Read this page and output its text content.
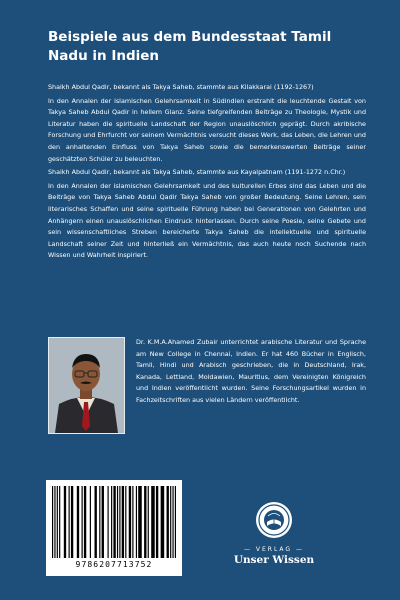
Beispiele aus dem Bundesstaat Tamil Nadu in Indien

Shaikh Abdul Qadir, bekannt als Takya Saheb, stammte aus Kilakkarai (1192-1267)

In den Annalen der islamischen Gelehrsamkeit in Südindien erstrahlt die leuchtende Gestalt von Takya Saheb Abdul Qadir in hellem Glanz. Seine tiefgreifenden Beiträge zu Theologie, Mystik und Literatur haben die spirituelle Landschaft der Region unauslöschlich geprägt. Durch akribische Forschung und Ehrfurcht vor seinem Vermächtnis versucht dieses Werk, das Leben, die Lehren und den anhaltenden Einfluss von Takya Saheb sowie die bemerkenswerten Beiträge seiner geschätzten Schüler zu beleuchten.

Shaikh Abdul Qadir, bekannt als Takya Saheb, stammte aus Kayalpatnam (1191-1272 n.Chr.)

In den Annalen der islamischen Gelehrsamkeit und des kulturellen Erbes sind das Leben und die Beiträge von Takya Saheb Abdul Qadir Takya Saheb von großer Bedeutung. Seine Lehren, sein literarisches Schaffen und seine spirituelle Führung haben bei Generationen von Gelehrten und Anhängern einen unauslöschlichen Eindruck hinterlassen. Durch seine Poesie, seine Gebete und sein wissenschaftliches Streben bereicherte Takya Saheb die intellektuelle und spirituelle Landschaft seiner Zeit und hinterließ ein Vermächtnis, das auch heute noch Suchende nach Wissen und Wahrheit inspiriert.

Dr. K.M.A.Ahamed Zubair unterrichtet arabische Literatur und Sprache am New College in Chennai, Indien. Er hat 460 Bücher in Englisch, Tamil, Hindi und Arabisch geschrieben, die in Deutschland, Irak, Kanada, Lettland, Moldawien, Mauritius, dem Vereinigten Königreich und Indien veröffentlicht wurden. Seine Forschungsartikel wurden in Fachzeitschriften aus vielen Ländern veröffentlicht.
9786207713752
— VERLAG —
Unser Wissen
